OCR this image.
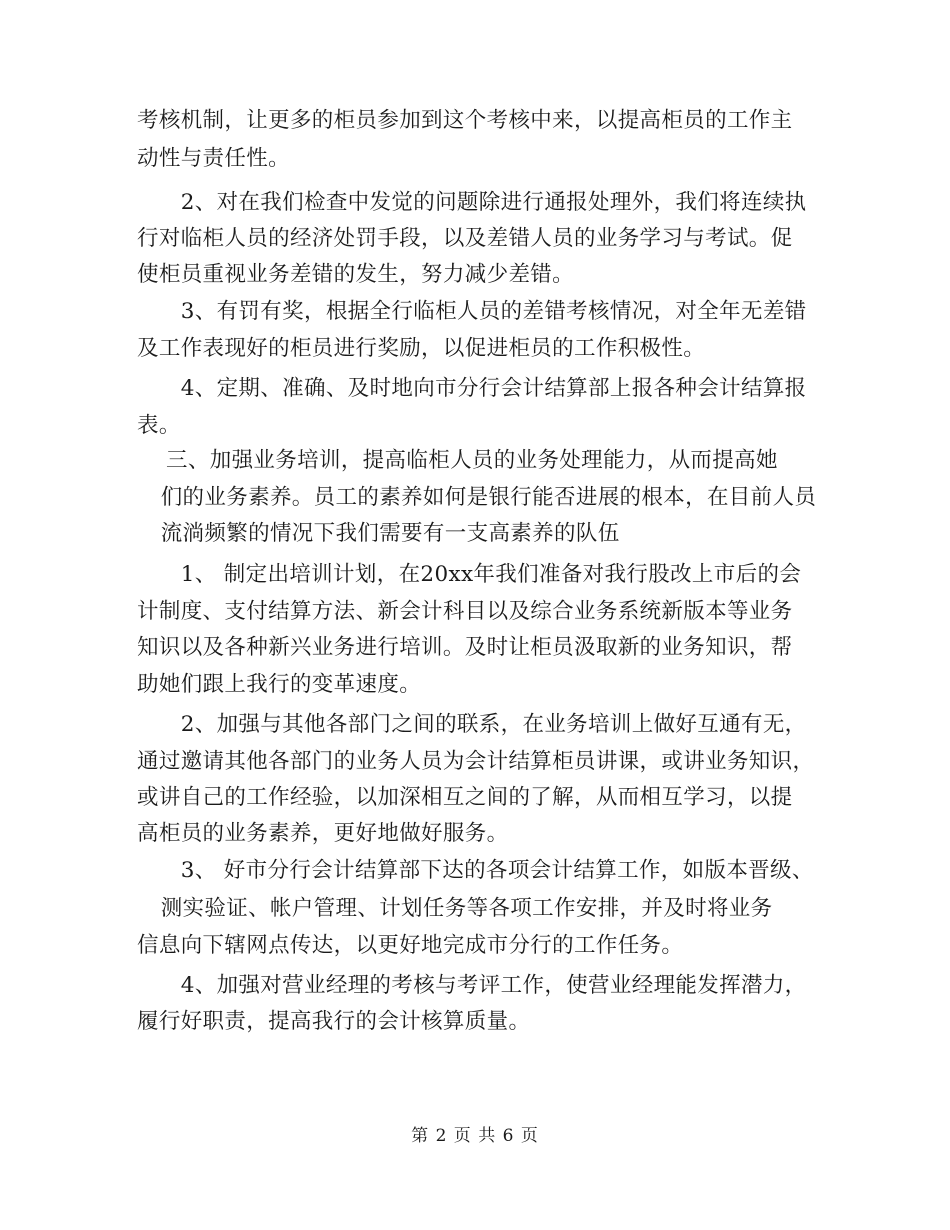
考核机制，让更多的柜员参加到这个考核中来，以提高柜员的工作主
动性与责任性。
　　2、对在我们检查中发觉的问题除进行通报处理外，我们将连续执
行对临柜人员的经济处罚手段，以及差错人员的业务学习与考试。促
使柜员重视业务差错的发生，努力减少差错。
　　3、有罚有奖，根据全行临柜人员的差错考核情况，对全年无差错
及工作表现好的柜员进行奖励，以促进柜员的工作积极性。
　　4、定期、准确、及时地向市分行会计结算部上报各种会计结算报
表。
　 三、加强业务培训，提高临柜人员的业务处理能力，从而提高她
　　们的业务素养。员工的素养如何是银行能否进展的根本，在目前人员
　　流淌频繁的情况下我们需要有一支高素养的队伍
　　1、 制定出培训计划，在20xx年我们准备对我行股改上市后的会
计制度、支付结算方法、新会计科目以及综合业务系统新版本等业务
知识以及各种新兴业务进行培训。及时让柜员汲取新的业务知识，帮
助她们跟上我行的变革速度。
　　2、加强与其他各部门之间的联系，在业务培训上做好互通有无，
通过邀请其他各部门的业务人员为会计结算柜员讲课，或讲业务知识，
或讲自己的工作经验，以加深相互之间的了解，从而相互学习，以提
高柜员的业务素养，更好地做好服务。
　　3、 好市分行会计结算部下达的各项会计结算工作，如版本晋级、
　　测实验证、帐户管理、计划任务等各项工作安排，并及时将业务
信息向下辖网点传达，以更好地完成市分行的工作任务。
　　4、加强对营业经理的考核与考评工作，使营业经理能发挥潜力，
履行好职责，提高我行的会计核算质量。
第 2 页 共 6 页
